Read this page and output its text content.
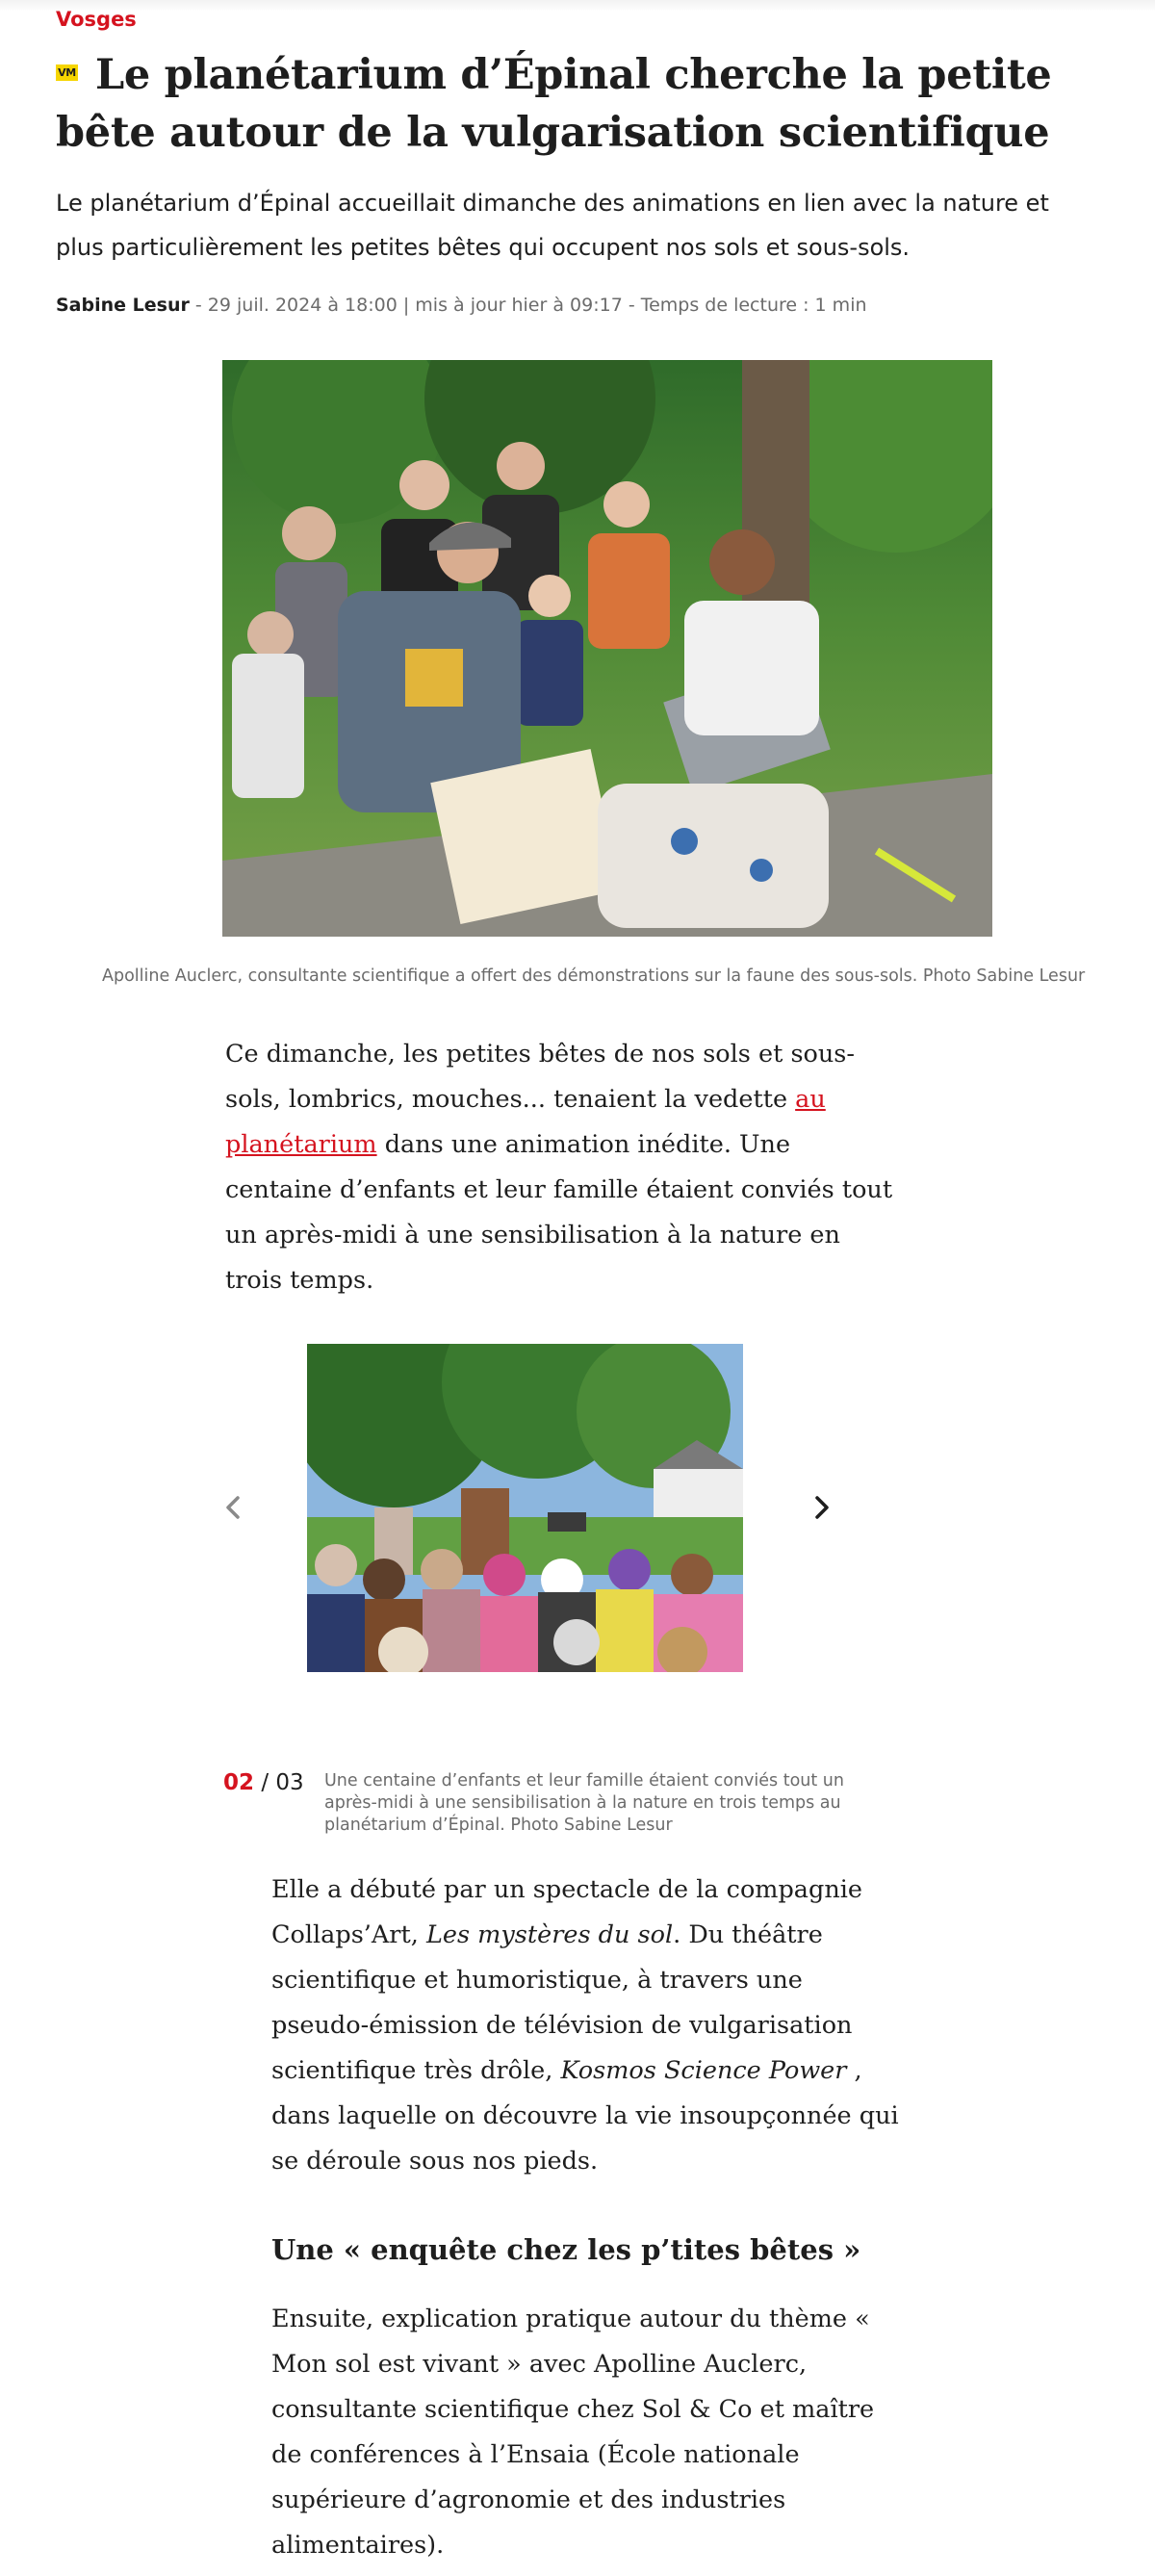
Vosges
VM Le planétarium d’Épinal cherche la petite bête autour de la vulgarisation scientifique

Le planétarium d’Épinal accueillait dimanche des animations en lien avec la nature et plus particulièrement les petites bêtes qui occupent nos sols et sous-sols.

Sabine Lesur - 29 juil. 2024 à 18:00 | mis à jour hier à 09:17 - Temps de lecture : 1 min
Apolline Auclerc, consultante scientifique a offert des démonstrations sur la faune des sous-sols. Photo Sabine Lesur

Ce dimanche, les petites bêtes de nos sols et sous-sols, lombrics, mouches... tenaient la vedette au planétarium dans une animation inédite. Une centaine d’enfants et leur famille étaient conviés tout un après-midi à une sensibilisation à la nature en trois temps.

02 / 03 Une centaine d’enfants et leur famille étaient conviés tout un après-midi à une sensibilisation à la nature en trois temps au planétarium d’Épinal. Photo Sabine Lesur

Elle a débuté par un spectacle de la compagnie Collaps’Art, Les mystères du sol. Du théâtre scientifique et humoristique, à travers une pseudo-émission de télévision de vulgarisation scientifique très drôle, Kosmos Science Power , dans laquelle on découvre la vie insoupçonnée qui se déroule sous nos pieds.

Une « enquête chez les p’tites bêtes »

Ensuite, explication pratique autour du thème « Mon sol est vivant » avec Apolline Auclerc, consultante scientifique chez Sol & Co et maître de conférences à l’Ensaia (École nationale supérieure d’agronomie et des industries alimentaires).
